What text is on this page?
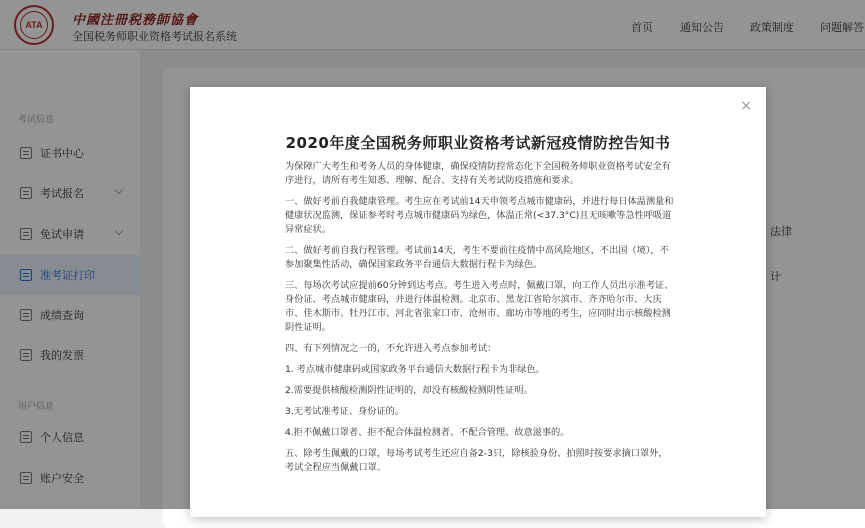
ATA	中國注冊税務師協會
全国税务师职业资格考试报名系统
首页 通知公告 政策制度 问题解答
考试信息
证书中心
考试报名
免试申请
准考证打印
成绩查询
我的发票
用户信息
个人信息
账户安全
法律
计
×
2020年度全国税务师职业资格考试新冠疫情防控告知书

为保障广大考生和考务人员的身体健康，确保疫情防控常态化下全国税务师职业资格考试安全有序进行，请所有考生知悉、理解、配合、支持有关考试防疫措施和要求。

一、做好考前自我健康管理。考生应在考试前14天申领考点城市健康码，并进行每日体温测量和健康状况监测，保证参考时考点城市健康码为绿色，体温正常(<37.3°C)且无咳嗽等急性呼吸道异常症状。

二、做好考前自我行程管理。考试前14天，考生不要前往疫情中高风险地区，不出国（境），不参加聚集性活动，确保国家政务平台通信大数据行程卡为绿色。

三、每场次考试应提前60分钟到达考点。考生进入考点时，佩戴口罩，向工作人员出示准考证、身份证、考点城市健康码，并进行体温检测。北京市、黑龙江省哈尔滨市、齐齐哈尔市、大庆市、佳木斯市、牡丹江市、河北省张家口市、沧州市、廊坊市等地的考生，应同时出示核酸检测阴性证明。

四、有下列情况之一的，不允许进入考点参加考试：

1. 考点城市健康码或国家政务平台通信大数据行程卡为非绿色。

2.需要提供核酸检测阴性证明的，却没有核酸检测阴性证明。

3.无考试准考证、身份证的。

4.拒不佩戴口罩者、拒不配合体温检测者、不配合管理、故意滋事的。

五、除考生佩戴的口罩，每场考试考生还应自备2-3只，除核验身份、拍照时按要求摘口罩外，考试全程应当佩戴口罩。
